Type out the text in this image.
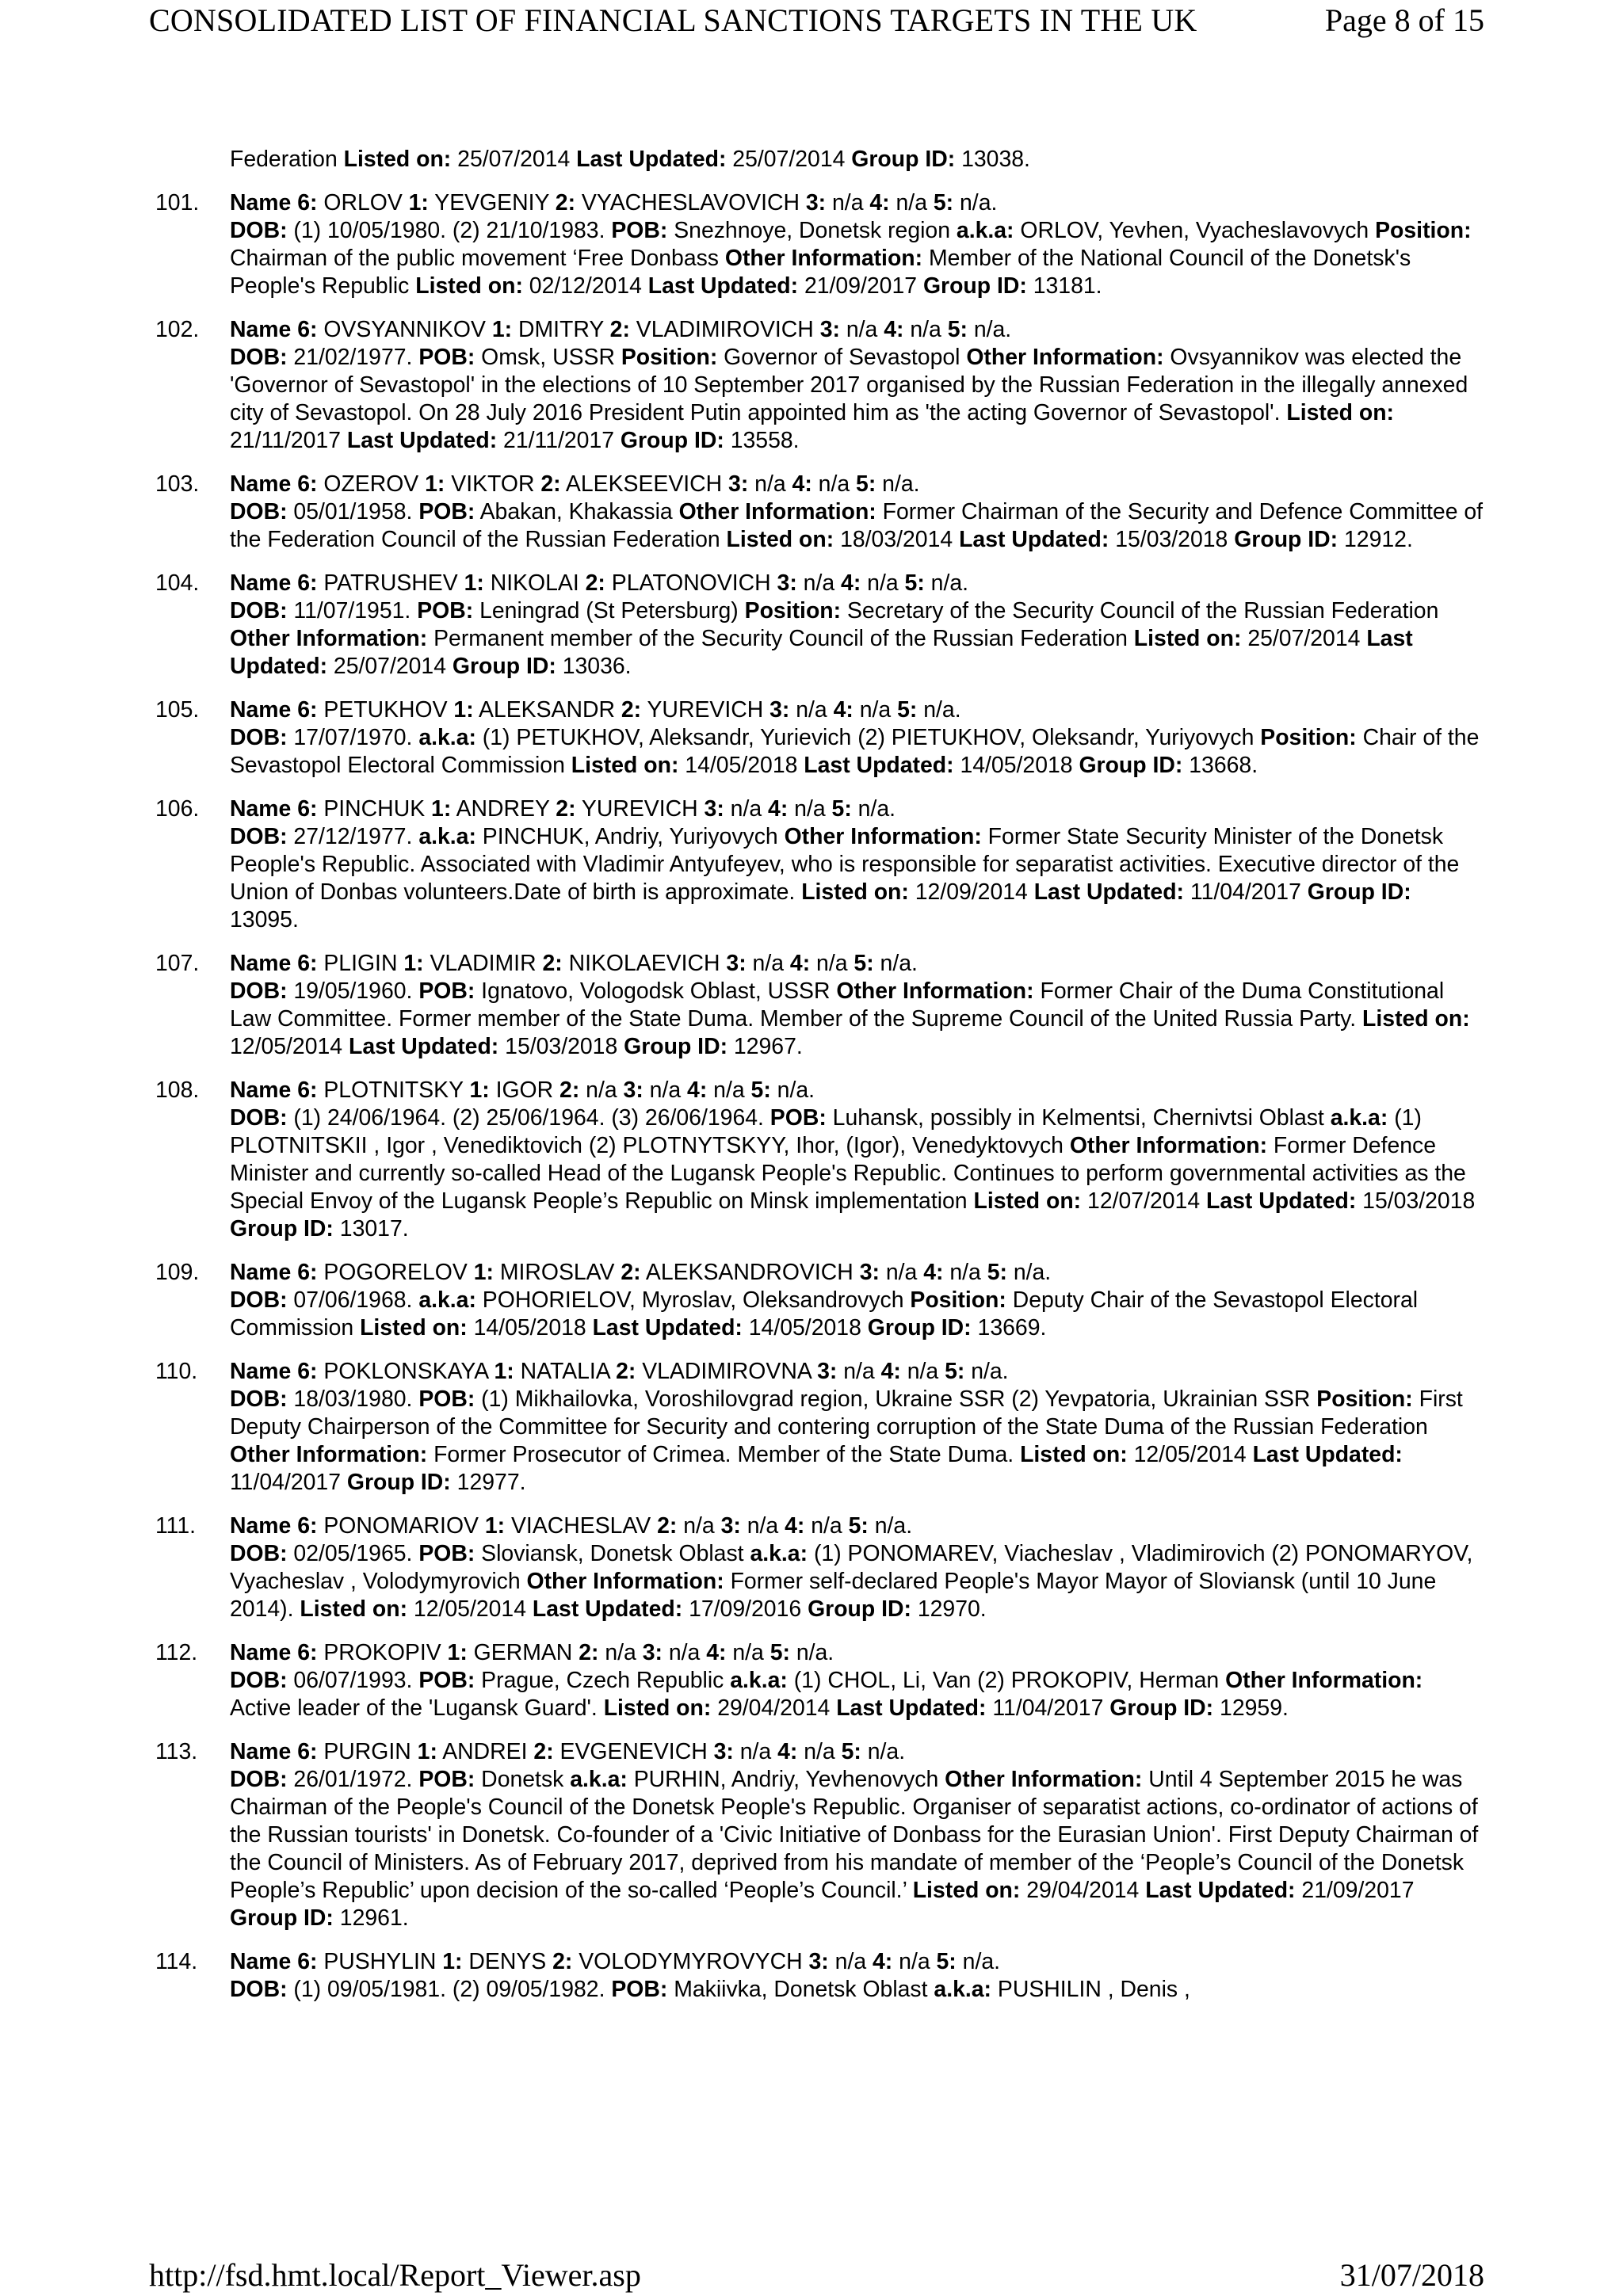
CONSOLIDATED LIST OF FINANCIAL SANCTIONS TARGETS IN THE UK	Page 8 of 15
Federation Listed on: 25/07/2014 Last Updated: 25/07/2014 Group ID: 13038.
101.	Name 6: ORLOV 1: YEVGENIY 2: VYACHESLAVOVICH 3: n/a 4: n/a 5: n/a.
DOB: (1) 10/05/1980. (2) 21/10/1983. POB: Snezhnoye, Donetsk region a.k.a: ORLOV, Yevhen, Vyacheslavovych Position: Chairman of the public movement ‘Free Donbass Other Information: Member of the National Council of the Donetsk's People's Republic Listed on: 02/12/2014 Last Updated: 21/09/2017 Group ID: 13181.
102.	Name 6: OVSYANNIKOV 1: DMITRY 2: VLADIMIROVICH 3: n/a 4: n/a 5: n/a.
DOB: 21/02/1977. POB: Omsk, USSR Position: Governor of Sevastopol Other Information: Ovsyannikov was elected the 'Governor of Sevastopol' in the elections of 10 September 2017 organised by the Russian Federation in the illegally annexed city of Sevastopol. On 28 July 2016 President Putin appointed him as 'the acting Governor of Sevastopol'. Listed on: 21/11/2017 Last Updated: 21/11/2017 Group ID: 13558.
103.	Name 6: OZEROV 1: VIKTOR 2: ALEKSEEVICH 3: n/a 4: n/a 5: n/a.
DOB: 05/01/1958. POB: Abakan, Khakassia Other Information: Former Chairman of the Security and Defence Committee of the Federation Council of the Russian Federation Listed on: 18/03/2014 Last Updated: 15/03/2018 Group ID: 12912.
104.	Name 6: PATRUSHEV 1: NIKOLAI 2: PLATONOVICH 3: n/a 4: n/a 5: n/a.
DOB: 11/07/1951. POB: Leningrad (St Petersburg) Position: Secretary of the Security Council of the Russian Federation Other Information: Permanent member of the Security Council of the Russian Federation Listed on: 25/07/2014 Last Updated: 25/07/2014 Group ID: 13036.
105.	Name 6: PETUKHOV 1: ALEKSANDR 2: YUREVICH 3: n/a 4: n/a 5: n/a.
DOB: 17/07/1970. a.k.a: (1) PETUKHOV, Aleksandr, Yurievich (2) PIETUKHOV, Oleksandr, Yuriyovych Position: Chair of the Sevastopol Electoral Commission Listed on: 14/05/2018 Last Updated: 14/05/2018 Group ID: 13668.
106.	Name 6: PINCHUK 1: ANDREY 2: YUREVICH 3: n/a 4: n/a 5: n/a.
DOB: 27/12/1977. a.k.a: PINCHUK, Andriy, Yuriyovych Other Information: Former State Security Minister of the Donetsk People's Republic. Associated with Vladimir Antyufeyev, who is responsible for separatist activities. Executive director of the Union of Donbas volunteers.Date of birth is approximate. Listed on: 12/09/2014 Last Updated: 11/04/2017 Group ID: 13095.
107.	Name 6: PLIGIN 1: VLADIMIR 2: NIKOLAEVICH 3: n/a 4: n/a 5: n/a.
DOB: 19/05/1960. POB: Ignatovo, Vologodsk Oblast, USSR Other Information: Former Chair of the Duma Constitutional Law Committee. Former member of the State Duma. Member of the Supreme Council of the United Russia Party. Listed on: 12/05/2014 Last Updated: 15/03/2018 Group ID: 12967.
108.	Name 6: PLOTNITSKY 1: IGOR 2: n/a 3: n/a 4: n/a 5: n/a.
DOB: (1) 24/06/1964. (2) 25/06/1964. (3) 26/06/1964. POB: Luhansk, possibly in Kelmentsi, Chernivtsi Oblast a.k.a: (1) PLOTNITSKII , Igor , Venediktovich (2) PLOTNYTSKYY, Ihor, (Igor), Venedyktovych Other Information: Former Defence Minister and currently so-called Head of the Lugansk People's Republic. Continues to perform governmental activities as the Special Envoy of the Lugansk People’s Republic on Minsk implementation Listed on: 12/07/2014 Last Updated: 15/03/2018 Group ID: 13017.
109.	Name 6: POGORELOV 1: MIROSLAV 2: ALEKSANDROVICH 3: n/a 4: n/a 5: n/a.
DOB: 07/06/1968. a.k.a: POHORIELOV, Myroslav, Oleksandrovych Position: Deputy Chair of the Sevastopol Electoral Commission Listed on: 14/05/2018 Last Updated: 14/05/2018 Group ID: 13669.
110.	Name 6: POKLONSKAYA 1: NATALIA 2: VLADIMIROVNA 3: n/a 4: n/a 5: n/a.
DOB: 18/03/1980. POB: (1) Mikhailovka, Voroshilovgrad region, Ukraine SSR (2) Yevpatoria, Ukrainian SSR Position: First Deputy Chairperson of the Committee for Security and contering corruption of the State Duma of the Russian Federation Other Information: Former Prosecutor of Crimea. Member of the State Duma. Listed on: 12/05/2014 Last Updated: 11/04/2017 Group ID: 12977.
111.	Name 6: PONOMARIOV 1: VIACHESLAV 2: n/a 3: n/a 4: n/a 5: n/a.
DOB: 02/05/1965. POB: Sloviansk, Donetsk Oblast a.k.a: (1) PONOMAREV, Viacheslav , Vladimirovich (2) PONOMARYOV, Vyacheslav , Volodymyrovich Other Information: Former self-declared People's Mayor Mayor of Sloviansk (until 10 June 2014). Listed on: 12/05/2014 Last Updated: 17/09/2016 Group ID: 12970.
112.	Name 6: PROKOPIV 1: GERMAN 2: n/a 3: n/a 4: n/a 5: n/a.
DOB: 06/07/1993. POB: Prague, Czech Republic a.k.a: (1) CHOL, Li, Van (2) PROKOPIV, Herman Other Information: Active leader of the 'Lugansk Guard'. Listed on: 29/04/2014 Last Updated: 11/04/2017 Group ID: 12959.
113.	Name 6: PURGIN 1: ANDREI 2: EVGENEVICH 3: n/a 4: n/a 5: n/a.
DOB: 26/01/1972. POB: Donetsk a.k.a: PURHIN, Andriy, Yevhenovych Other Information: Until 4 September 2015 he was Chairman of the People's Council of the Donetsk People's Republic. Organiser of separatist actions, co-ordinator of actions of the Russian tourists' in Donetsk. Co-founder of a 'Civic Initiative of Donbass for the Eurasian Union'. First Deputy Chairman of the Council of Ministers. As of February 2017, deprived from his mandate of member of the ‘People’s Council of the Donetsk People’s Republic’ upon decision of the so-called ‘People’s Council.’ Listed on: 29/04/2014 Last Updated: 21/09/2017 Group ID: 12961.
114.	Name 6: PUSHYLIN 1: DENYS 2: VOLODYMYROVYCH 3: n/a 4: n/a 5: n/a.
DOB: (1) 09/05/1981. (2) 09/05/1982. POB: Makiivka, Donetsk Oblast a.k.a: PUSHILIN , Denis ,
http://fsd.hmt.local/Report_Viewer.asp	31/07/2018
